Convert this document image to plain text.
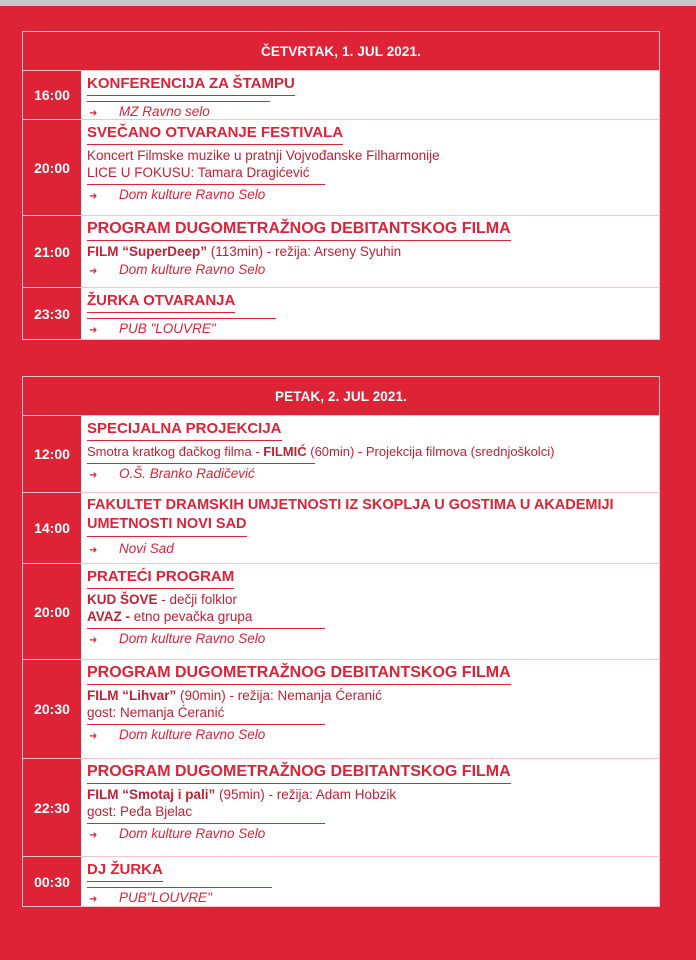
ČETVRTAK, 1. JUL 2021.
16:00
KONFERENCIJA ZA ŠTAMPU
➜ MZ Ravno selo
20:00
SVEČANO OTVARANJE FESTIVALA
Koncert Filmske muzike u pratnji Vojvođanske Filharmonije
LICE U FOKUSU: Tamara Dragićević
➜ Dom kulture Ravno Selo
21:00
PROGRAM DUGOMETRAŽNOG DEBITANTSKOG FILMA
FILM “SuperDeep” (113min) - režija: Arseny Syuhin
➜ Dom kulture Ravno Selo
23:30
ŽURKA OTVARANJA
➜ PUB "LOUVRE"
PETAK, 2. JUL 2021.
12:00
SPECIJALNA PROJEKCIJA
Smotra kratkog đačkog filma - FILMIĆ (60min) - Projekcija filmova (srednjoškolci)
➜ O.Š. Branko Radičević
14:00
FAKULTET DRAMSKIH UMJETNOSTI IZ SKOPLJA U GOSTIMA U AKADEMIJI
UMETNOSTI NOVI SAD
➜ Novi Sad
20:00
PRATEĆI PROGRAM
KUD ŠOVE - dečji folklor
AVAZ - etno pevačka grupa
➜ Dom kulture Ravno Selo
20:30
PROGRAM DUGOMETRAŽNOG DEBITANTSKOG FILMA
FILM “Lihvar” (90min) - režija: Nemanja Ćeranić
gost: Nemanja Ćeranić
➜ Dom kulture Ravno Selo
22:30
PROGRAM DUGOMETRAŽNOG DEBITANTSKOG FILMA
FILM “Smotaj i pali” (95min) - režija: Adam Hobzik
gost: Peđa Bjelac
➜ Dom kulture Ravno Selo
00:30
DJ ŽURKA
➜ PUB"LOUVRE"
